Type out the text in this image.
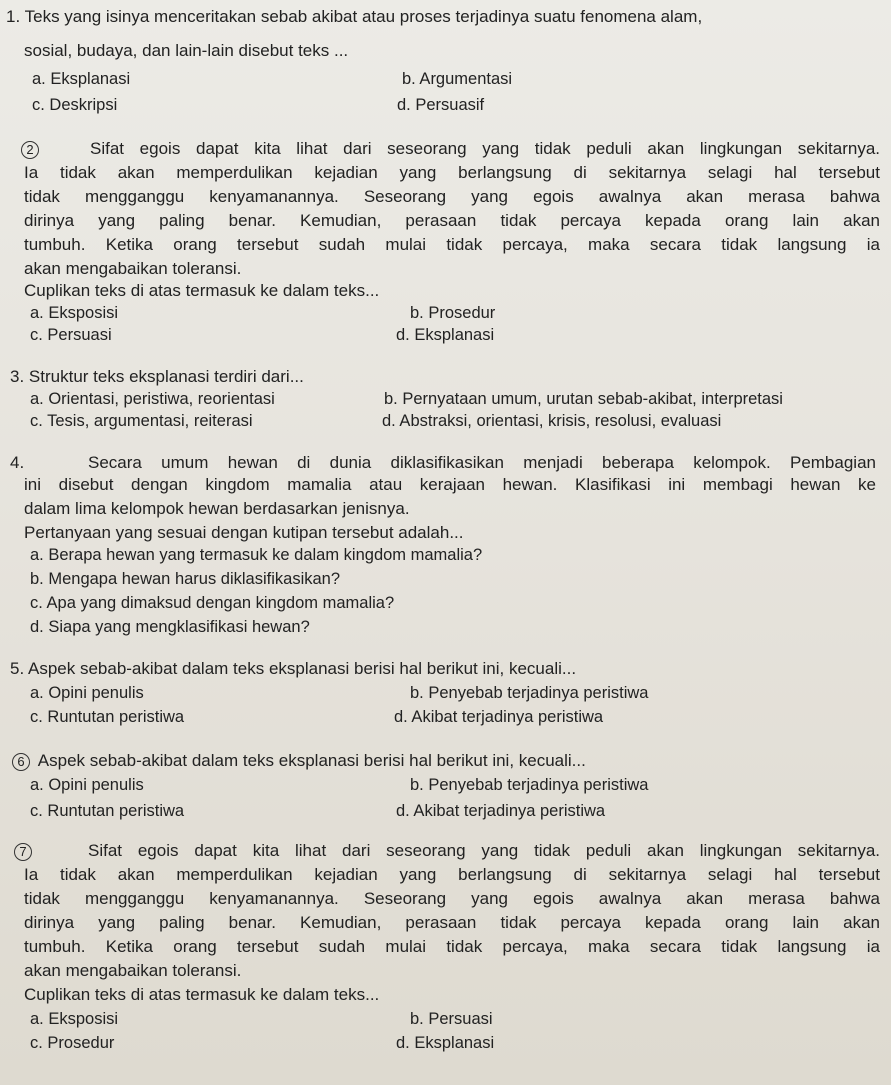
1. Teks yang isinya menceritakan sebab akibat atau proses terjadinya suatu fenomena alam,
sosial, budaya, dan lain-lain disebut teks ...
a. Eksplanasi	b. Argumentasi
c. Deskripsi	d. Persuasif
2	Sifat egois dapat kita lihat dari seseorang yang tidak peduli akan lingkungan sekitarnya.
Ia tidak akan memperdulikan kejadian yang berlangsung di sekitarnya selagi hal tersebut
tidak mengganggu kenyamanannya. Seseorang yang egois awalnya akan merasa bahwa
dirinya yang paling benar. Kemudian, perasaan tidak percaya kepada orang lain akan
tumbuh. Ketika orang tersebut sudah mulai tidak percaya, maka secara tidak langsung ia
akan mengabaikan toleransi.
Cuplikan teks di atas termasuk ke dalam teks...
a. Eksposisi	b. Prosedur
c. Persuasi	d. Eksplanasi
3. Struktur teks eksplanasi terdiri dari...
a. Orientasi, peristiwa, reorientasi	b. Pernyataan umum, urutan sebab-akibat, interpretasi
c. Tesis, argumentasi, reiterasi	d. Abstraksi, orientasi, krisis, resolusi, evaluasi
4.	Secara umum hewan di dunia diklasifikasikan menjadi beberapa kelompok. Pembagian
ini disebut dengan kingdom mamalia atau kerajaan hewan. Klasifikasi ini membagi hewan ke
dalam lima kelompok hewan berdasarkan jenisnya.
Pertanyaan yang sesuai dengan kutipan tersebut adalah...
a. Berapa hewan yang termasuk ke dalam kingdom mamalia?
b. Mengapa hewan harus diklasifikasikan?
c. Apa yang dimaksud dengan kingdom mamalia?
d. Siapa yang mengklasifikasi hewan?
5. Aspek sebab-akibat dalam teks eksplanasi berisi hal berikut ini, kecuali...
a. Opini penulis	b. Penyebab terjadinya peristiwa
c. Runtutan peristiwa	d. Akibat terjadinya peristiwa
6 Aspek sebab-akibat dalam teks eksplanasi berisi hal berikut ini, kecuali...
a. Opini penulis	b. Penyebab terjadinya peristiwa
c. Runtutan peristiwa	d. Akibat terjadinya peristiwa
7	Sifat egois dapat kita lihat dari seseorang yang tidak peduli akan lingkungan sekitarnya.
Ia tidak akan memperdulikan kejadian yang berlangsung di sekitarnya selagi hal tersebut
tidak mengganggu kenyamanannya. Seseorang yang egois awalnya akan merasa bahwa
dirinya yang paling benar. Kemudian, perasaan tidak percaya kepada orang lain akan
tumbuh. Ketika orang tersebut sudah mulai tidak percaya, maka secara tidak langsung ia
akan mengabaikan toleransi.
Cuplikan teks di atas termasuk ke dalam teks...
a. Eksposisi	b. Persuasi
c. Prosedur	d. Eksplanasi
